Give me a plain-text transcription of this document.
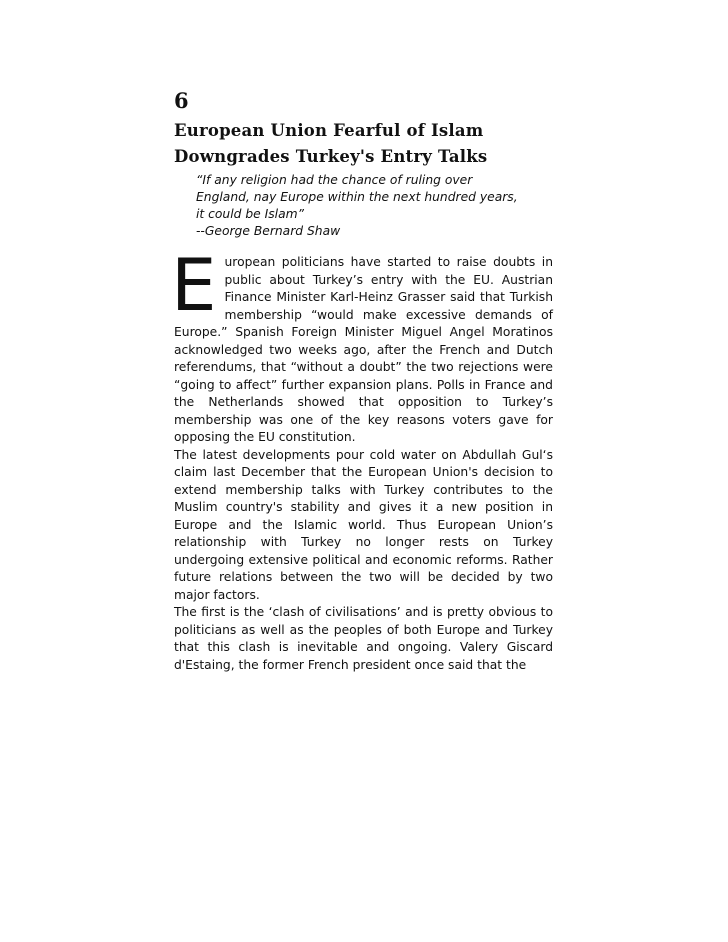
6
European Union Fearful of Islam
Downgrades Turkey's Entry Talks
“If any religion had the chance of ruling over
England, nay Europe within the next hundred years,
it could be Islam”
--George Bernard Shaw

European politicians have started to raise doubts in public about Turkey’s entry with the EU. Austrian Finance Minister Karl-Heinz Grasser said that Turkish membership “would make excessive demands of Europe.” Spanish Foreign Minister Miguel Angel Moratinos acknowledged two weeks ago, after the French and Dutch referendums, that “without a doubt” the two rejections were “going to affect” further expansion plans. Polls in France and the Netherlands showed that opposition to Turkey’s membership was one of the key reasons voters gave for opposing the EU constitution.

The latest developments pour cold water on Abdullah Gul‘s claim last December that the European Union's decision to extend membership talks with Turkey contributes to the Muslim country's stability and gives it a new position in Europe and the Islamic world. Thus European Union’s relationship with Turkey no longer rests on Turkey undergoing extensive political and economic reforms. Rather future relations between the two will be decided by two major factors.

The first is the ‘clash of civilisations’ and is pretty obvious to politicians as well as the peoples of both Europe and Turkey that this clash is inevitable and ongoing. Valery Giscard d'Estaing, the former French president once said that the
